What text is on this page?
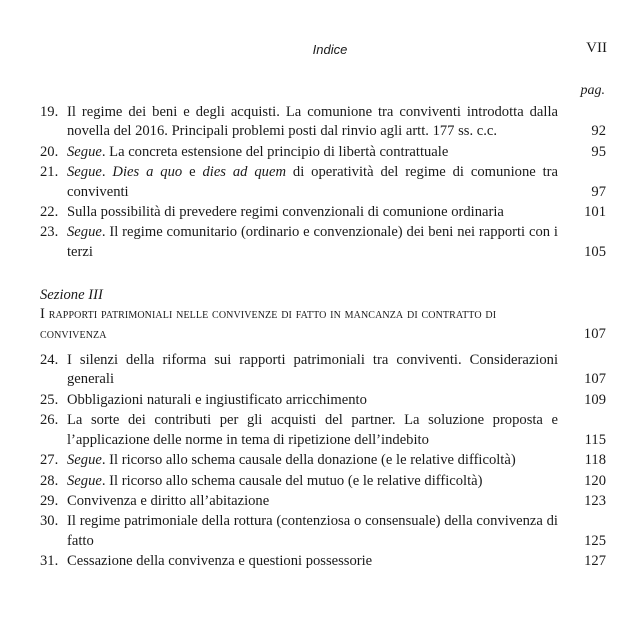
Indice	VII
pag.
19. Il regime dei beni e degli acquisti. La comunione tra conviventi introdotta dalla novella del 2016. Principali problemi posti dal rinvio agli artt. 177 ss. c.c.	92
20. Segue. La concreta estensione del principio di libertà contrattuale	95
21. Segue. Dies a quo e dies ad quem di operatività del regime di comunione tra conviventi	97
22. Sulla possibilità di prevedere regimi convenzionali di comunione ordinaria	101
23. Segue. Il regime comunitario (ordinario e convenzionale) dei beni nei rapporti con i terzi	105
Sezione III
I rapporti patrimoniali nelle convivenze di fatto in mancanza di contratto di convivenza	107
24. I silenzi della riforma sui rapporti patrimoniali tra conviventi. Considerazioni generali	107
25. Obbligazioni naturali e ingiustificato arricchimento	109
26. La sorte dei contributi per gli acquisti del partner. La soluzione proposta e l’applicazione delle norme in tema di ripetizione dell’indebito	115
27. Segue. Il ricorso allo schema causale della donazione (e le relative difficoltà)	118
28. Segue. Il ricorso allo schema causale del mutuo (e le relative difficoltà)	120
29. Convivenza e diritto all’abitazione	123
30. Il regime patrimoniale della rottura (contenziosa o consensuale) della convivenza di fatto	125
31. Cessazione della convivenza e questioni possessorie	127
